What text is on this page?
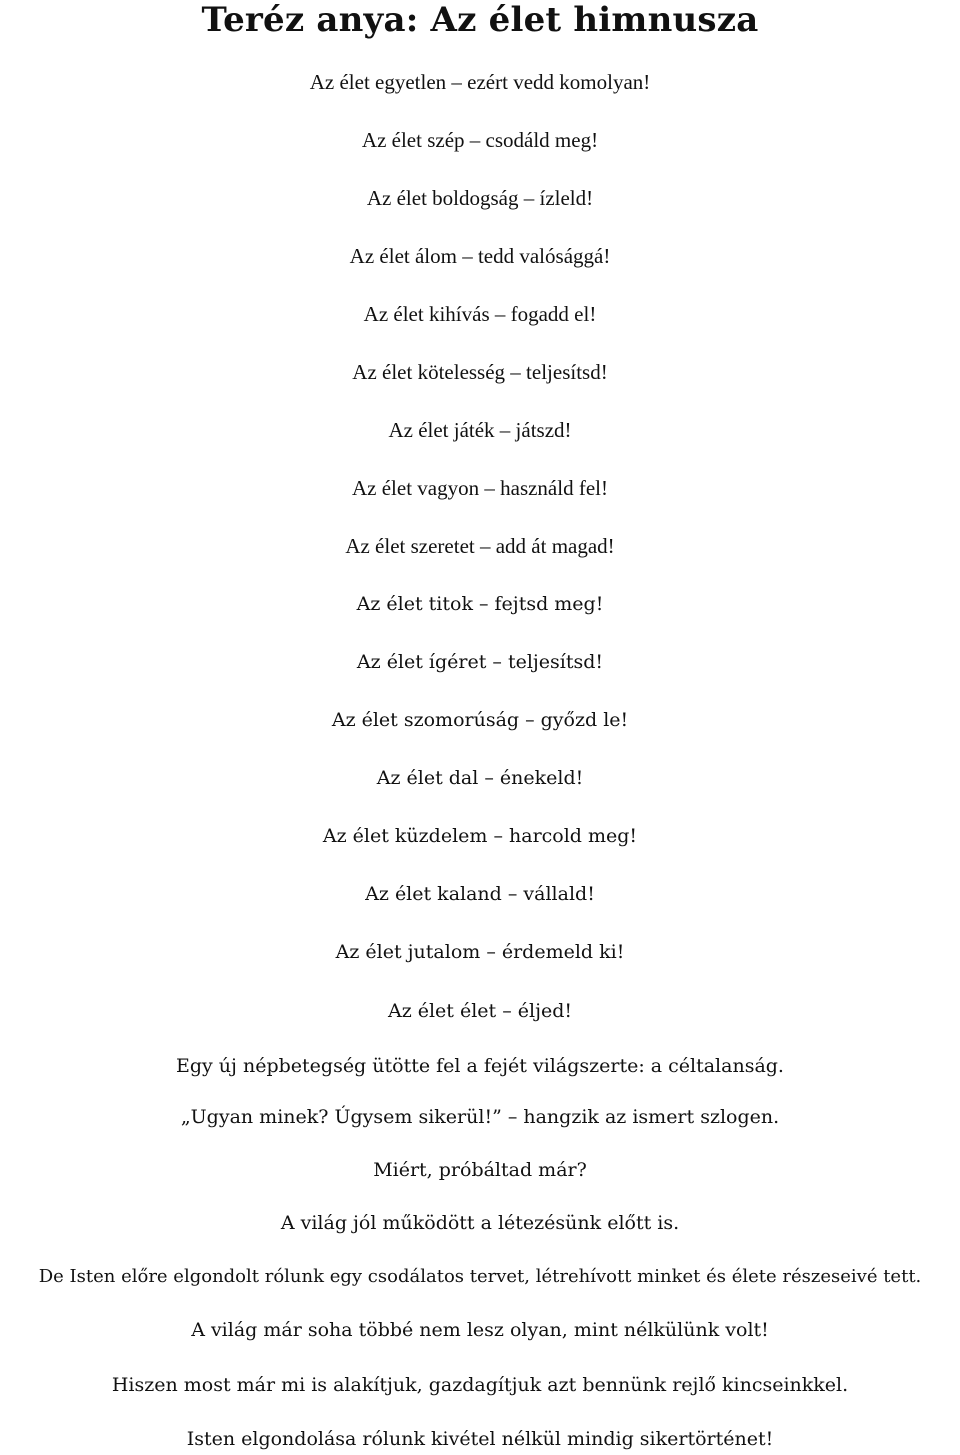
Teréz anya: Az élet himnusza
Az élet egyetlen – ezért vedd komolyan!
Az élet szép – csodáld meg!
Az élet boldogság – ízleld!
Az élet álom – tedd valósággá!
Az élet kihívás – fogadd el!
Az élet kötelesség – teljesítsd!
Az élet játék – játszd!
Az élet vagyon – használd fel!
Az élet szeretet – add át magad!
Az élet titok – fejtsd meg!
Az élet ígéret – teljesítsd!
Az élet szomorúság – győzd le!
Az élet dal – énekeld!
Az élet küzdelem – harcold meg!
Az élet kaland – vállald!
Az élet jutalom – érdemeld ki!
Az élet élet – éljed!
Egy új népbetegség ütötte fel a fejét világszerte: a céltalanság.
„Ugyan minek? Úgysem sikerül!” – hangzik az ismert szlogen.
Miért, próbáltad már?
A világ jól működött a létezésünk előtt is.
De Isten előre elgondolt rólunk egy csodálatos tervet, létrehívott minket és élete részeseivé tett.
A világ már soha többé nem lesz olyan, mint nélkülünk volt!
Hiszen most már mi is alakítjuk, gazdagítjuk azt bennünk rejlő kincseinkkel.
Isten elgondolása rólunk kivétel nélkül mindig sikertörténet!
